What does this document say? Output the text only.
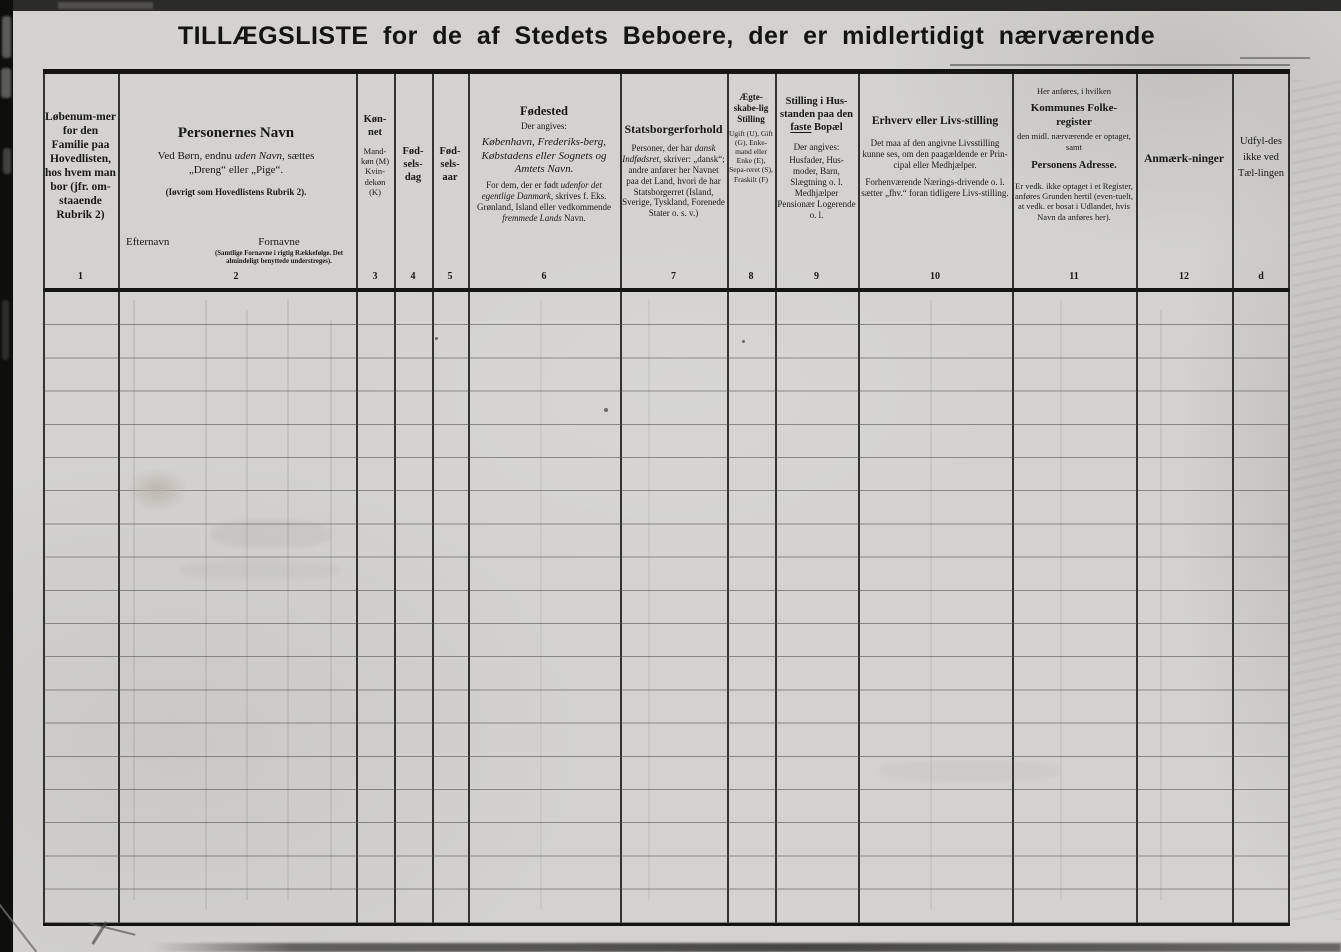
TILLÆGSLISTE for de af Stedets Beboere, der er midlertidigt nærværende
Løbenum-mer for den Familie paa Hovedlisten, hos hvem man bor (jfr. om-staaende Rubrik 2)
1
Personernes Navn
Ved Børn, endnu uden Navn, sættes
„Dreng“ eller „Pige“.
(Iøvrigt som Hovedlistens Rubrik 2).
Efternavn	Fornavne
(Samtlige Fornavne i rigtig Rækkefølge. Det almindeligt benyttede understreges).
2
Køn-net
Mand-køn (M) Kvin-dekøn (K)
3
Fød-sels-dag
4
Fød-sels-aar
5
Fødested
Der angives:
København, Frederiks-berg, Købstadens eller Sognets og Amtets Navn.
For dem, der er født udenfor det egentlige Danmark, skrives f. Eks. Grønland, Island eller vedkommende fremmede Lands Navn.
6
Statsborgerforhold
Personer, der har dansk Indfødsret, skriver: „dansk“; andre anfører her Navnet paa det Land, hvori de har Statsborgerret (Island, Sverige, Tyskland, Forenede Stater o. s. v.)
7
Ægte-skabe-lig Stilling
Ugift (U), Gift (G), Enke-mand eller Enke (E), Sepa-reret (S), Fraskilt (F)
8
Stilling i Hus-standen paa den faste Bopæl
Der angives:
Husfader, Hus-moder, Barn, Slægtning o. l. Medhjælper Pensionær Logerende o. l.
9
Erhverv eller Livs-stilling
Det maa af den angivne Livsstilling kunne ses, om den paagældende er Prin-cipal eller Medhjælper.
Forhenværende Nærings-drivende o. l. sætter „fhv.“ foran tidligere Livs-stilling.
10
Her anføres, i hvilken
Kommunes Folke-register
den midl. nærværende er optaget, samt
Personens Adresse.
Er vedk. ikke optaget i et Register, anføres Grunden hertil (even-tuelt, at vedk. er bosat i Udlandet, hvis Navn da anføres her).
11
Anmærk-ninger
12
Udfyl-des ikke ved Tæl-lingen
d
